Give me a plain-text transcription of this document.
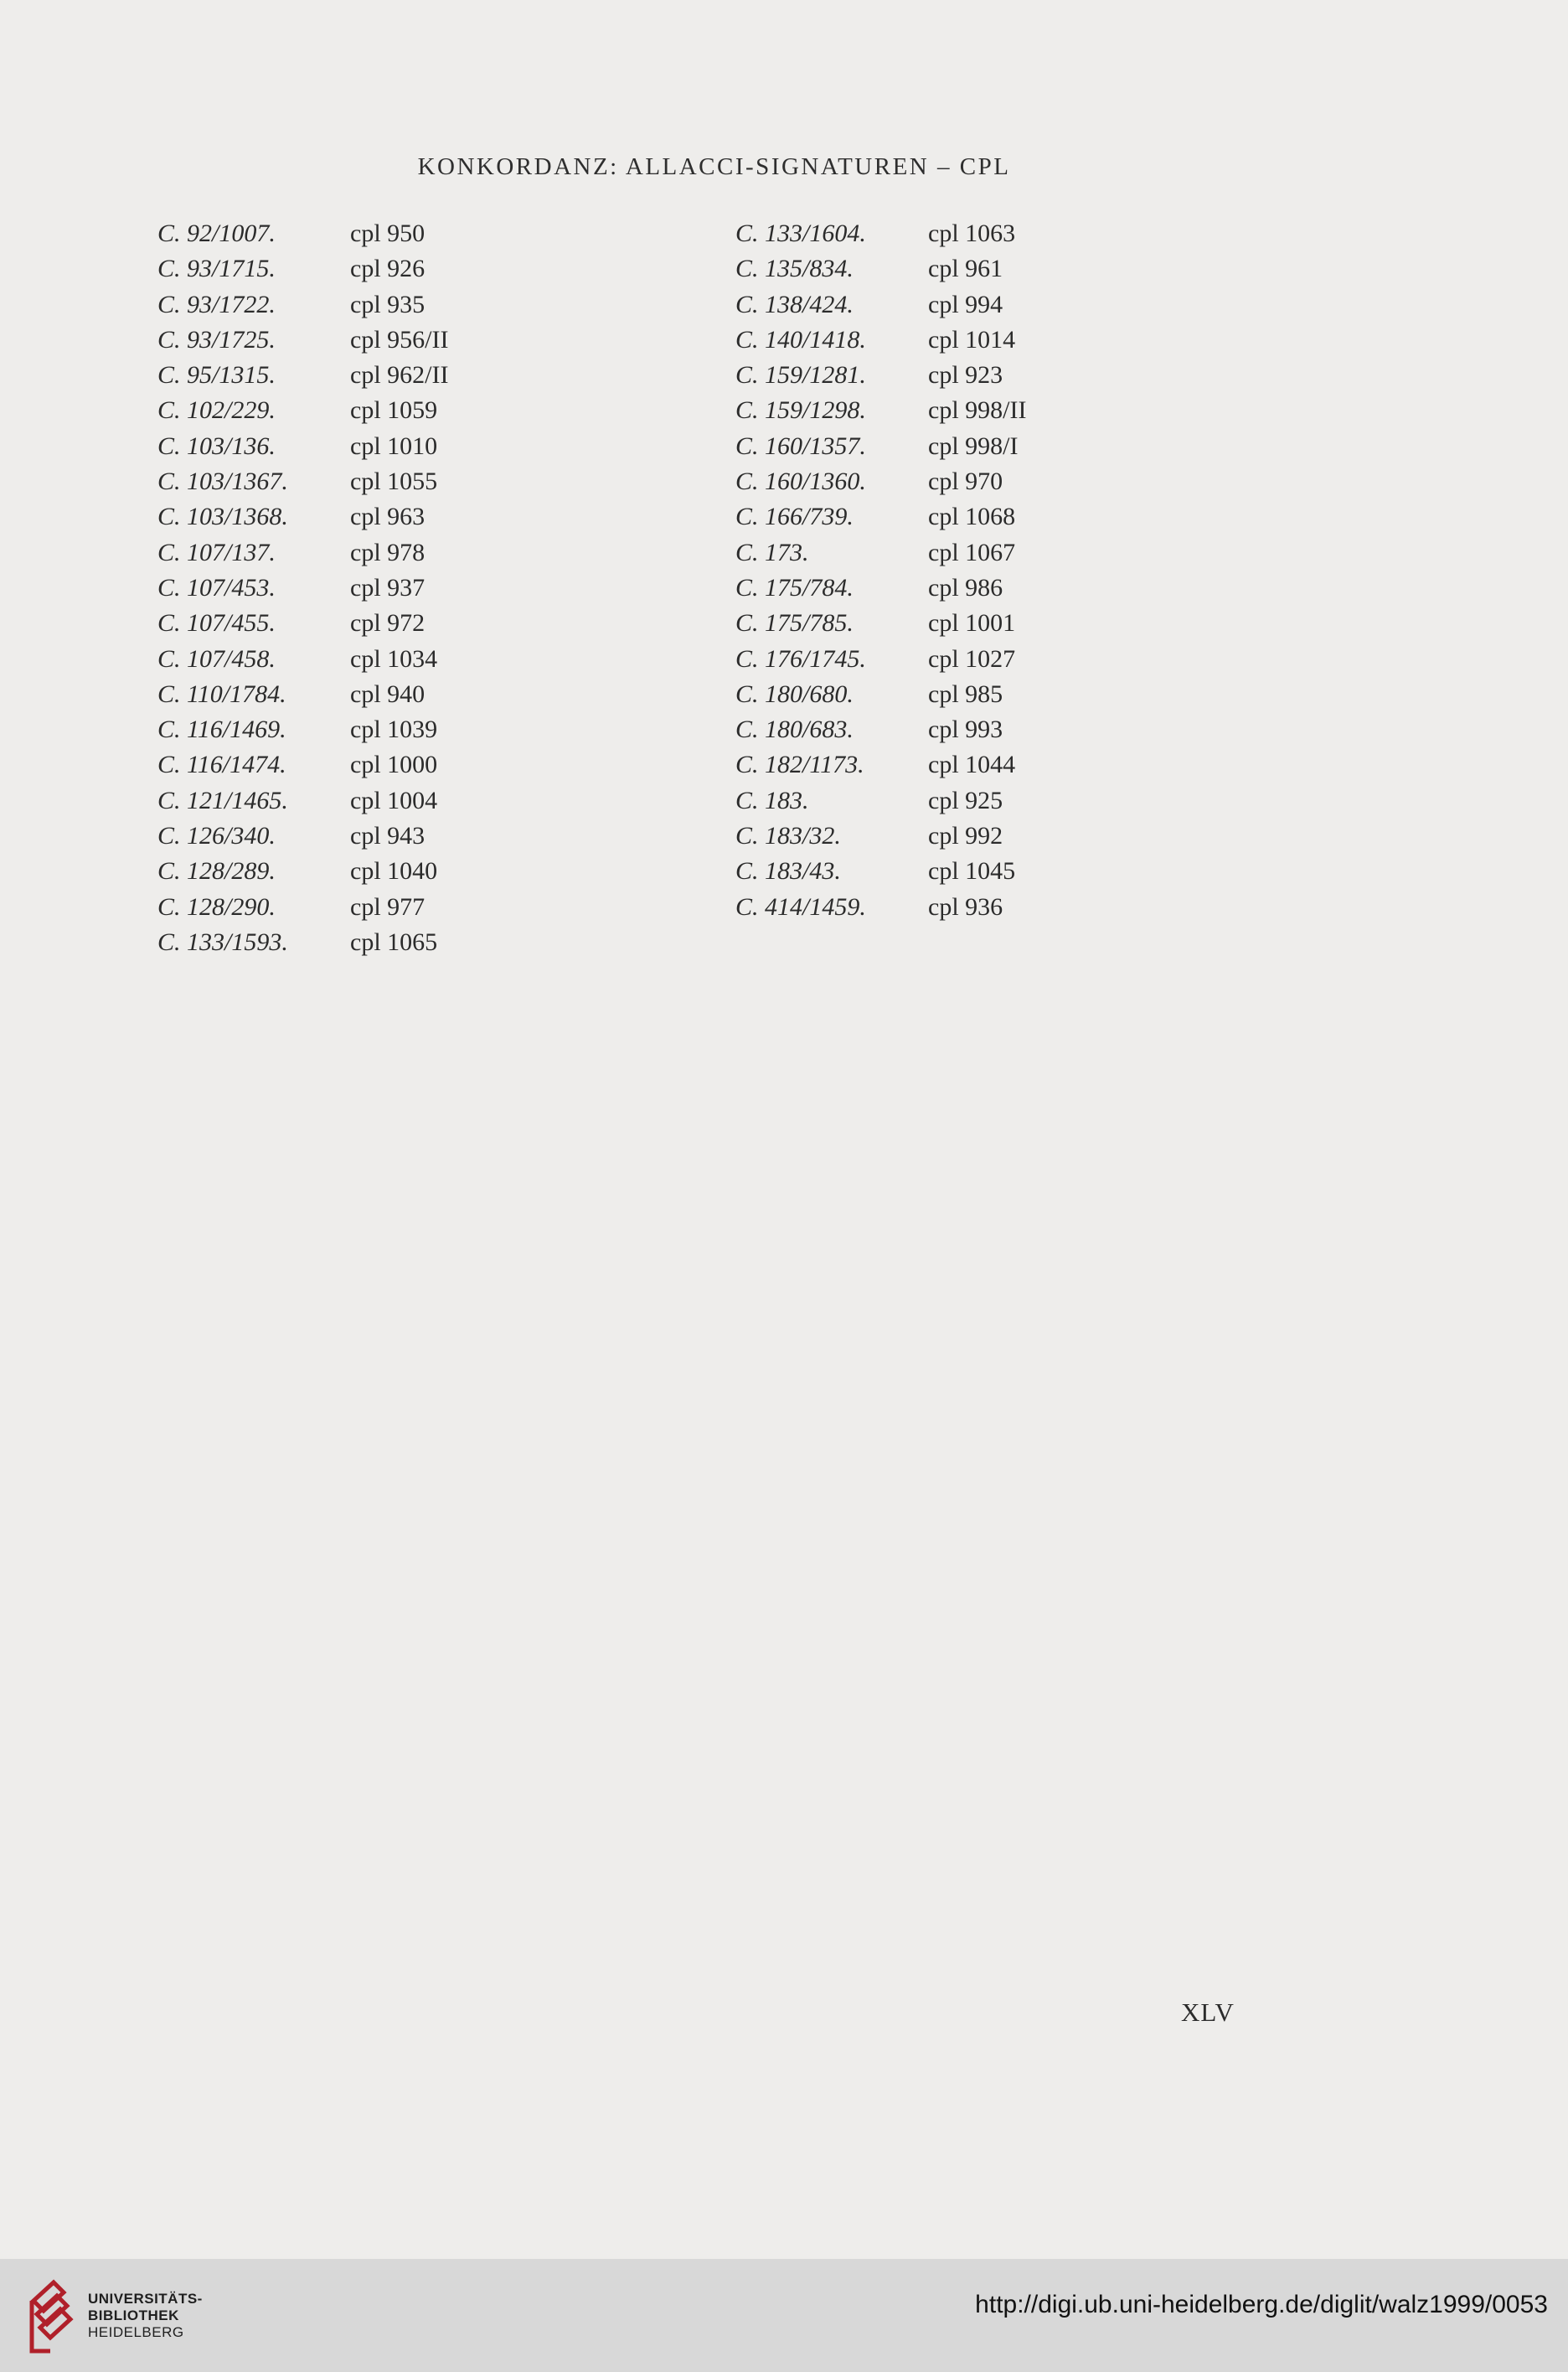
KONKORDANZ: ALLACCI-SIGNATUREN – CPL
C. 92/1007.	cpl 950
C. 93/1715.	cpl 926
C. 93/1722.	cpl 935
C. 93/1725.	cpl 956/II
C. 95/1315.	cpl 962/II
C. 102/229.	cpl 1059
C. 103/136.	cpl 1010
C. 103/1367. cpl 1055
C. 103/1368. cpl 963
C. 107/137.	cpl 978
C. 107/453.	cpl 937
C. 107/455.	cpl 972
C. 107/458.	cpl 1034
C. 110/1784.	cpl 940
C. 116/1469.	cpl 1039
C. 116/1474.	cpl 1000
C. 121/1465. cpl 1004
C. 126/340.	cpl 943
C. 128/289.	cpl 1040
C. 128/290.	cpl 977
C. 133/1593. cpl 1065
C. 133/1604. cpl 1063
C. 135/834.	cpl 961
C. 138/424.	cpl 994
C. 140/1418. cpl 1014
C. 159/1281. cpl 923
C. 159/1298. cpl 998/II
C. 160/1357. cpl 998/I
C. 160/1360. cpl 970
C. 166/739.	cpl 1068
C. 173.	cpl 1067
C. 175/784.	cpl 986
C. 175/785.	cpl 1001
C. 176/1745. cpl 1027
C. 180/680.	cpl 985
C. 180/683.	cpl 993
C. 182/1173.	cpl 1044
C. 183.	cpl 925
C. 183/32.	cpl 992
C. 183/43.	cpl 1045
C. 414/1459. cpl 936
XLV
UNIVERSITÄTS-
BIBLIOTHEK
HEIDELBERG
http://digi.ub.uni-heidelberg.de/diglit/walz1999/0053
